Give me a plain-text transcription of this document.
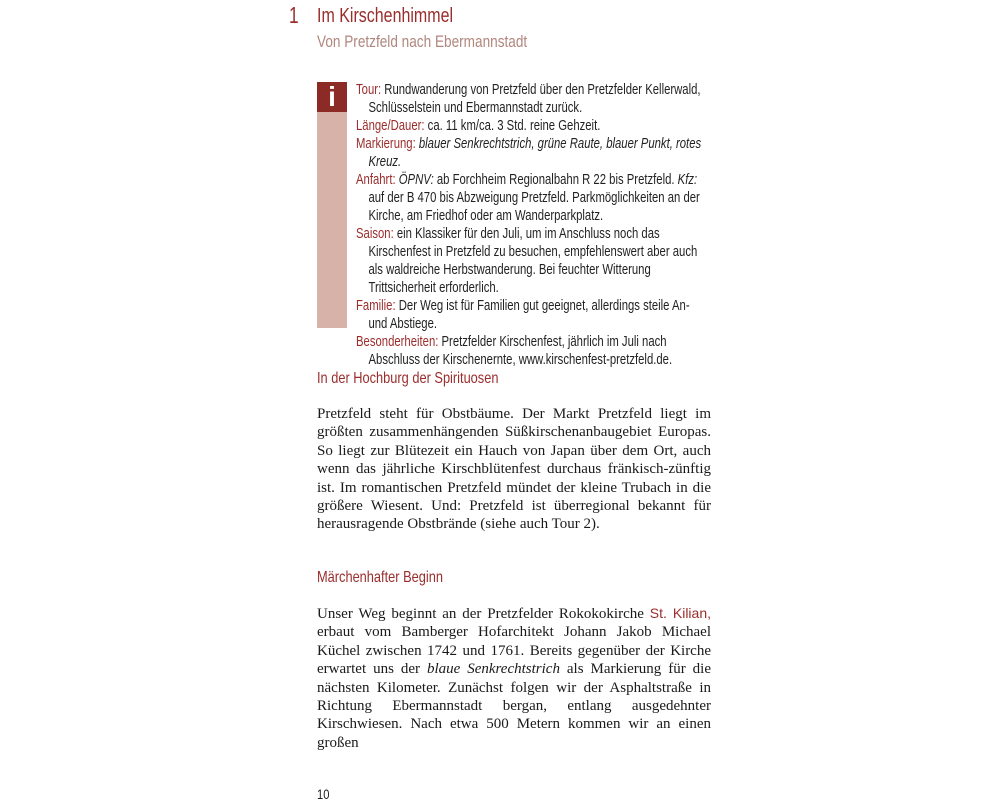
1 Im Kirschenhimmel
Von Pretzfeld nach Ebermannstadt
i	Tour: Rundwanderung von Pretzfeld über den Pretzfelder Kellerwald, Schlüsselstein und Ebermannstadt zurück.
Länge/Dauer: ca. 11 km/ca. 3 Std. reine Gehzeit.
Markierung: blauer Senkrechtstrich, grüne Raute, blauer Punkt, rotes Kreuz.
Anfahrt: ÖPNV: ab Forchheim Regionalbahn R 22 bis Pretzfeld. Kfz: auf der B 470 bis Abzweigung Pretzfeld. Parkmöglichkeiten an der Kirche, am Friedhof oder am Wanderparkplatz.
Saison: ein Klassiker für den Juli, um im Anschluss noch das Kirschenfest in Pretzfeld zu besuchen, empfehlenswert aber auch als waldreiche Herbstwanderung. Bei feuchter Witterung Trittsicherheit erforderlich.
Familie: Der Weg ist für Familien gut geeignet, allerdings steile An- und Abstiege.
Besonderheiten: Pretzfelder Kirschenfest, jährlich im Juli nach Abschluss der Kirschenernte, www.kirschenfest-pretzfeld.de.
In der Hochburg der Spirituosen
Pretzfeld steht für Obstbäume. Der Markt Pretzfeld liegt im größten zusammenhängenden Süßkirschenanbaugebiet Europas. So liegt zur Blütezeit ein Hauch von Japan über dem Ort, auch wenn das jährliche Kirschblütenfest durchaus fränkisch-zünftig ist. Im romantischen Pretzfeld mündet der kleine Trubach in die größere Wiesent. Und: Pretzfeld ist überregional bekannt für herausragende Obstbrände (siehe auch Tour 2).
Märchenhafter Beginn
Unser Weg beginnt an der Pretzfelder Rokokokirche St. Kilian, erbaut vom Bamberger Hofarchitekt Johann Jakob Michael Küchel zwischen 1742 und 1761. Bereits gegenüber der Kirche erwartet uns der blaue Senkrechtstrich als Markierung für die nächsten Kilometer. Zunächst folgen wir der Asphaltstraße in Richtung Ebermannstadt bergan, entlang ausgedehnter Kirschwiesen. Nach etwa 500 Metern kommen wir an einen großen
10
